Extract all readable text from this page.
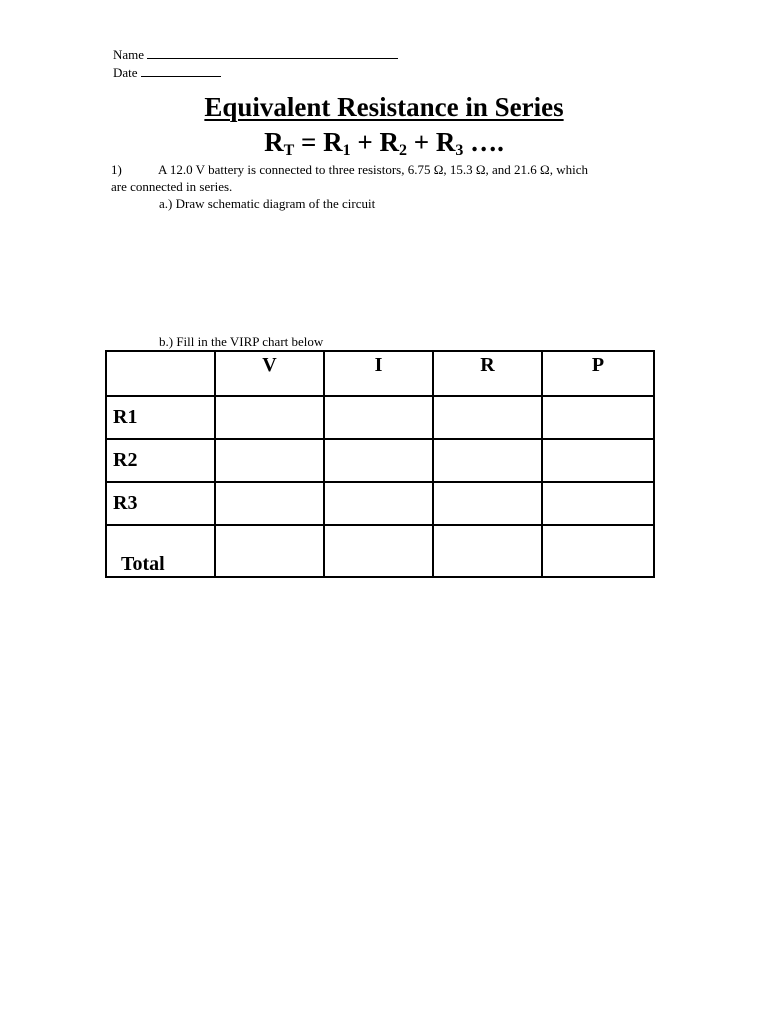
Name
Date
Equivalent Resistance in Series
$R_T = R_1 + R_2 + R_3$ ….
1)	A 12.0 V battery is connected to three resistors, 6.75 Ω, 15.3 Ω, and 21.6 Ω, which
are connected in series.
a.) Draw schematic diagram of the circuit
b.) Fill in the VIRP chart below
	V	I	R	P
R1				
R2				
R3				
Total				
